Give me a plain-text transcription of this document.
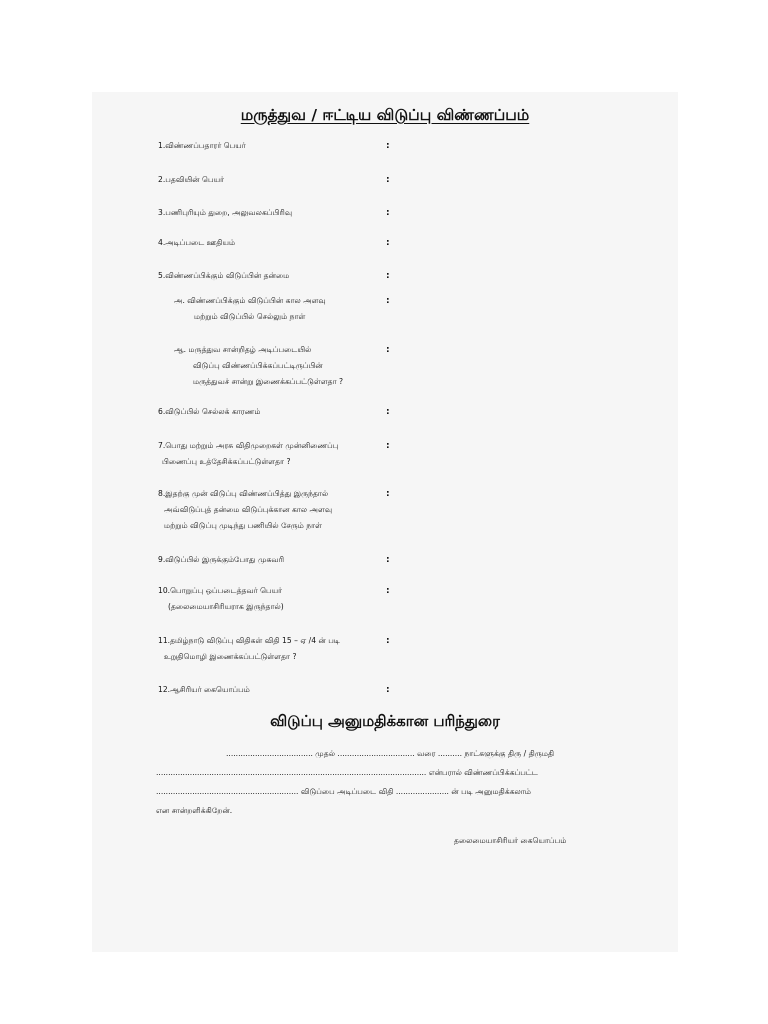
மருத்துவ / ஈட்டிய விடுப்பு விண்ணப்பம்
1.விண்ணப்பதாரர் பெயர்	:
2.பதவியின் பெயர்	:
3.பணிபுரியும் துறை, அலுவலகப்பிரிவு	:
4.அடிப்படை ஊதியம்	:
5.விண்ணப்பிக்கும் விடுப்பின் தன்மை	:
அ. விண்ணப்பிக்கும் விடுப்பின் கால அளவு
மற்றும் விடுப்பில் செல்லும் நாள்
:
ஆ. மருத்துவ சான்றிதழ் அடிப்படையில்
விடுப்பு விண்ணப்பிக்கப்பட்டிருப்பின்
மருத்துவச் சான்று இணைக்கப்பட்டுள்ளதா ?
:
6.விடுப்பில் செல்லக் காரணம்	:
7.பொது மற்றும் அரசு விதிமுறைகள் முன்னிணைப்பு
பிணைப்பு உத்தேசிக்கப்பட்டுள்ளதா ?
:
8.இதற்கு முன் விடுப்பு விண்ணப்பித்து இருந்தால்
அவ்விடுப்புத் தன்மை விடுப்புக்கான கால அளவு
மற்றும் விடுப்பு முடிந்து பணியில் சேரும் நாள்
:
9.விடுப்பில் இருக்கும்போது முகவரி	:
10.பொறுப்பு ஒப்படைத்தவர் பெயர்
(தலைமையாசிரியராக இருந்தால்)
:
11.தமிழ்நாடு விடுப்பு விதிகள் விதி 15 – ஏ /4 ன் படி
உறுதிமொழி இணைக்கப்பட்டுள்ளதா ?
:
12.ஆசிரியர் கையொப்பம்	:
விடுப்பு அனுமதிக்கான பரிந்துரை
.................................... முதல் ................................ வரை .......... நாட்களுக்கு திரு / திருமதி
................................................................................................................ என்பரால் விண்ணப்பிக்கப்பட்ட
........................................................... விடுப்பை அடிப்படை விதி ...................... ன் படி அனுமதிக்கலாம்
என சான்றளிக்கிறேன்.
தலைமையாசிரியர் கையொப்பம்
